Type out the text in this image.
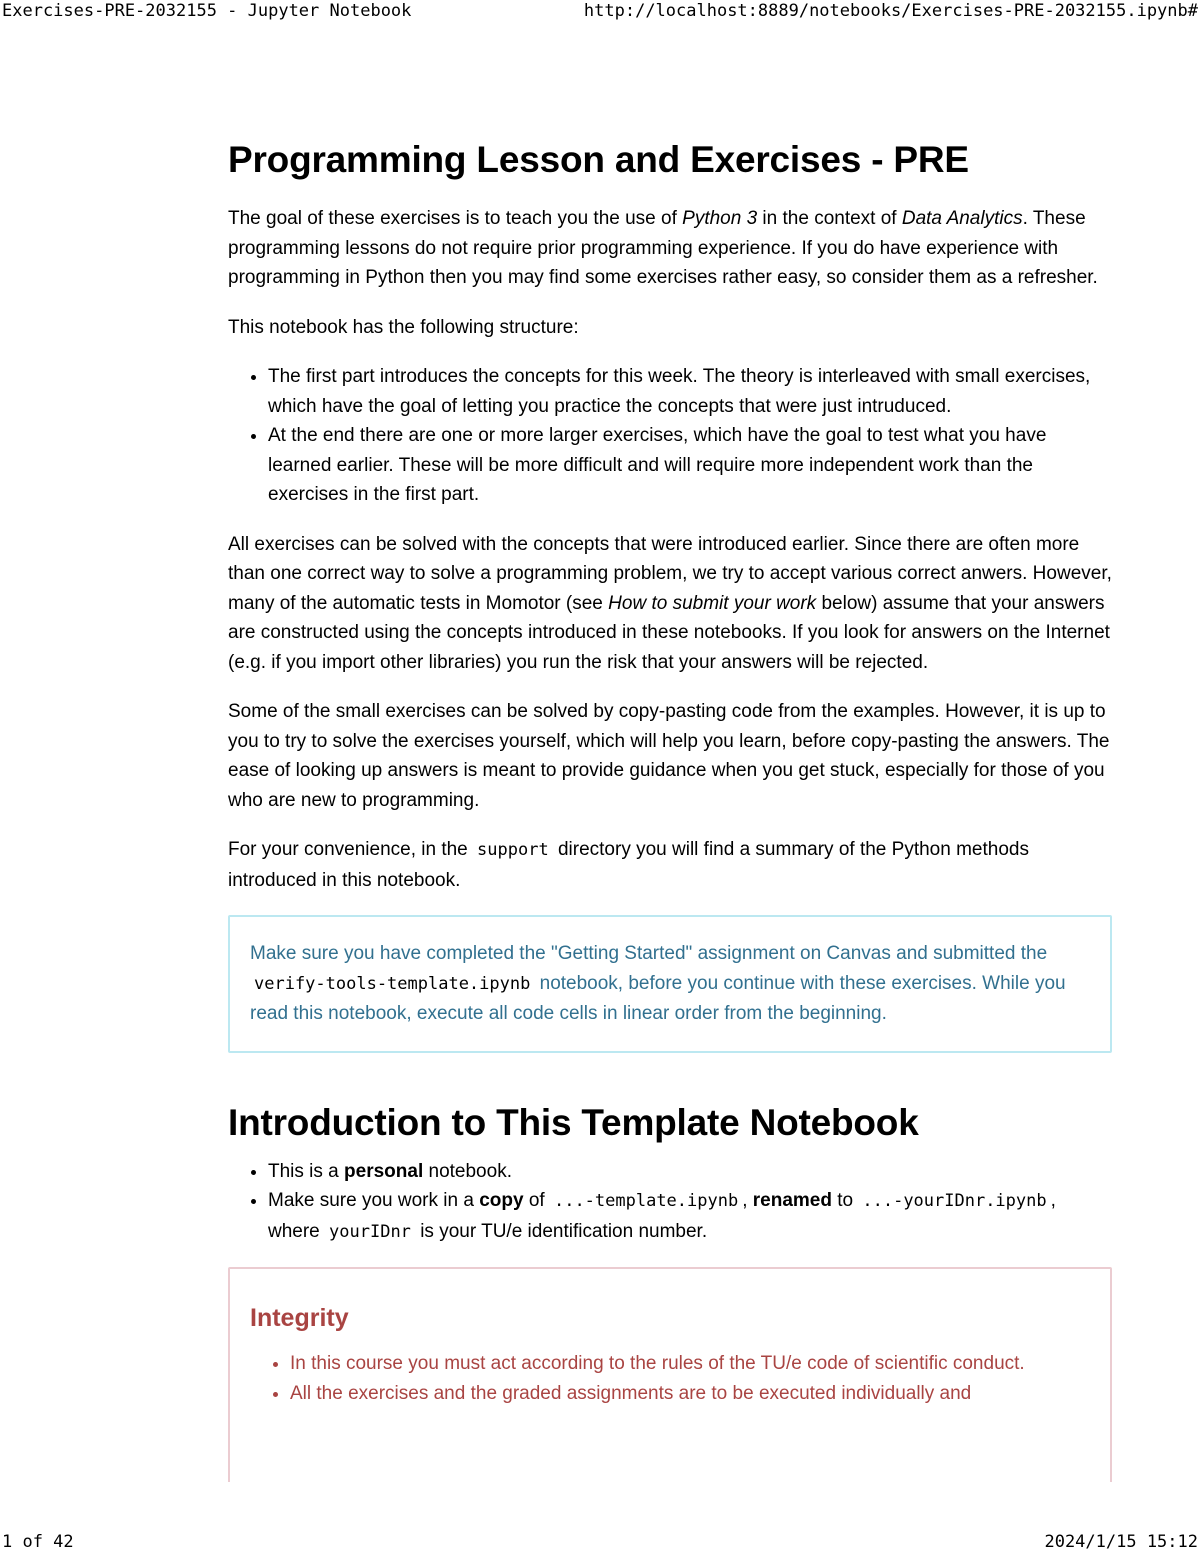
Exercises-PRE-2032155 - Jupyter Notebook	http://localhost:8889/notebooks/Exercises-PRE-2032155.ipynb#
Programming Lesson and Exercises - PRE

The goal of these exercises is to teach you the use of Python 3 in the context of Data Analytics. These programming lessons do not require prior programming experience. If you do have experience with programming in Python then you may find some exercises rather easy, so consider them as a refresher.

This notebook has the following structure:

• The first part introduces the concepts for this week. The theory is interleaved with small exercises, which have the goal of letting you practice the concepts that were just intruduced.
• At the end there are one or more larger exercises, which have the goal to test what you have learned earlier. These will be more difficult and will require more independent work than the exercises in the first part.

All exercises can be solved with the concepts that were introduced earlier. Since there are often more than one correct way to solve a programming problem, we try to accept various correct anwers. However, many of the automatic tests in Momotor (see How to submit your work below) assume that your answers are constructed using the concepts introduced in these notebooks. If you look for answers on the Internet (e.g. if you import other libraries) you run the risk that your answers will be rejected.

Some of the small exercises can be solved by copy-pasting code from the examples. However, it is up to you to try to solve the exercises yourself, which will help you learn, before copy-pasting the answers. The ease of looking up answers is meant to provide guidance when you get stuck, especially for those of you who are new to programming.

For your convenience, in the support directory you will find a summary of the Python methods introduced in this notebook.

Make sure you have completed the "Getting Started" assignment on Canvas and submitted the verify-tools-template.ipynb notebook, before you continue with these exercises. While you read this notebook, execute all code cells in linear order from the beginning.

Introduction to This Template Notebook
• This is a personal notebook.
• Make sure you work in a copy of ...-template.ipynb , renamed to ...-yourIDnr.ipynb , where yourIDnr is your TU/e identification number.
Integrity
• In this course you must act according to the rules of the TU/e code of scientific conduct.
• All the exercises and the graded assignments are to be executed individually and
1 of 42	2024/1/15 15:12
